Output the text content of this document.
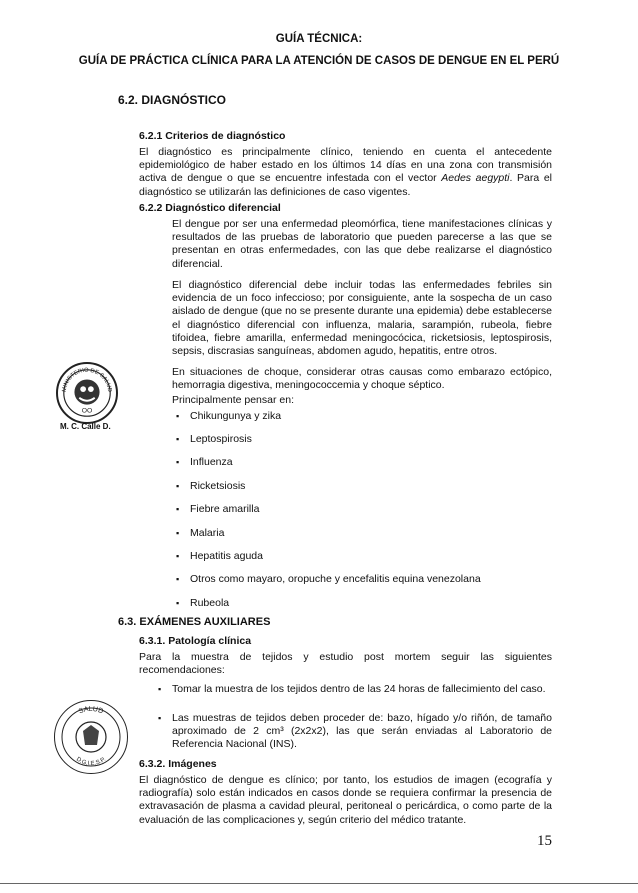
GUÍA TÉCNICA:
GUÍA DE PRÁCTICA CLÍNICA PARA LA ATENCIÓN DE CASOS DE DENGUE EN EL PERÚ
6.2. DIAGNÓSTICO
6.2.1 Criterios de diagnóstico
El diagnóstico es principalmente clínico, teniendo en cuenta el antecedente epidemiológico de haber estado en los últimos 14 días en una zona con transmisión activa de dengue o que se encuentre infestada con el vector Aedes aegypti. Para el diagnóstico se utilizarán las definiciones de caso vigentes.
6.2.2 Diagnóstico diferencial
El dengue por ser una enfermedad pleomórfica, tiene manifestaciones clínicas y resultados de las pruebas de laboratorio que pueden parecerse a las que se presentan en otras enfermedades, con las que debe realizarse el diagnóstico diferencial.
El diagnóstico diferencial debe incluir todas las enfermedades febriles sin evidencia de un foco infeccioso; por consiguiente, ante la sospecha de un caso aislado de dengue (que no se presente durante una epidemia) debe establecerse el diagnóstico diferencial con influenza, malaria, sarampión, rubeola, fiebre tifoidea, fiebre amarilla, enfermedad meningocócica, ricketsiosis, leptospirosis, sepsis, discrasias sanguíneas, abdomen agudo, hepatitis, entre otros.
En situaciones de choque, considerar otras causas como embarazo ectópico, hemorragia digestiva, meningococcemia y choque séptico.
Principalmente pensar en:
▪ Chikungunya y zika
▪ Leptospirosis
▪ Influenza
▪ Ricketsiosis
▪ Fiebre amarilla
▪ Malaria
▪ Hepatitis aguda
▪ Otros como mayaro, oropuche y encefalitis equina venezolana
▪ Rubeola
6.3. EXÁMENES AUXILIARES
6.3.1. Patología clínica
Para la muestra de tejidos y estudio post mortem seguir las siguientes recomendaciones:
▪ Tomar la muestra de los tejidos dentro de las 24 horas de fallecimiento del caso.
▪ Las muestras de tejidos deben proceder de: bazo, hígado y/o riñón, de tamaño aproximado de 2 cm³ (2x2x2), las que serán enviadas al Laboratorio de Referencia Nacional (INS).
6.3.2. Imágenes
El diagnóstico de dengue es clínico; por tanto, los estudios de imagen (ecografía y radiografía) solo están indicados en casos donde se requiera confirmar la presencia de extravasación de plasma a cavidad pleural, peritoneal o pericárdica, o como parte de la evaluación de las complicaciones y, según criterio del médico tratante.
OO
MINISTERIO DE SALUD
M. C. Calle D.
SALUD
D.G.I.E.S.P.
15
